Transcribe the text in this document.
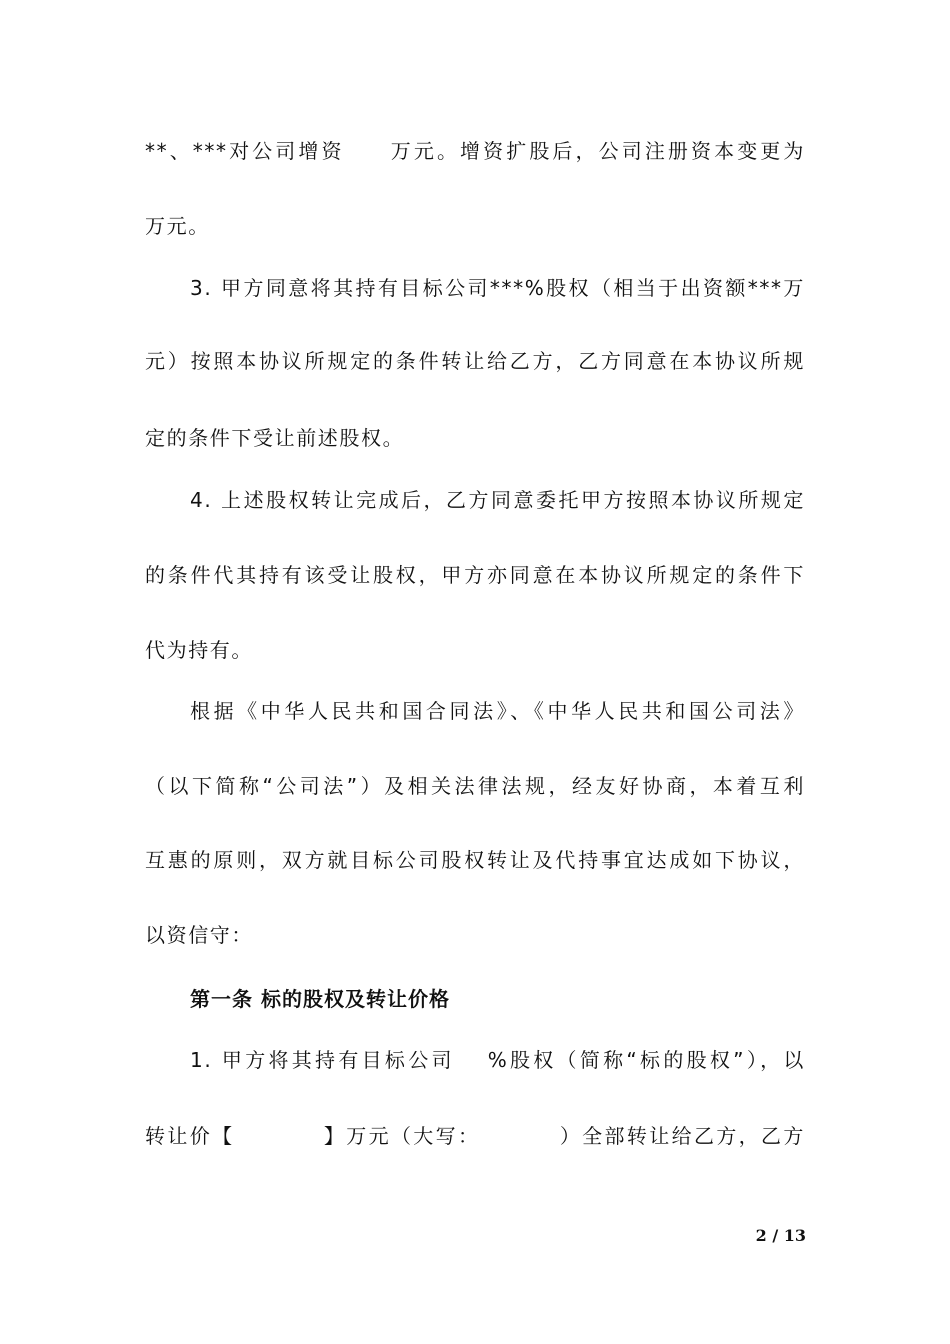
**、***对公司增资　　万元。增资扩股后，公司注册资本变更为
万元。
3. 甲方同意将其持有目标公司***%股权（相当于出资额***万
元）按照本协议所规定的条件转让给乙方，乙方同意在本协议所规
定的条件下受让前述股权。
4. 上述股权转让完成后，乙方同意委托甲方按照本协议所规定
的条件代其持有该受让股权，甲方亦同意在本协议所规定的条件下
代为持有。
根据《中华人民共和国合同法》、《中华人民共和国公司法》
（以下简称“公司法”）及相关法律法规，经友好协商，本着互利
互惠的原则，双方就目标公司股权转让及代持事宜达成如下协议，
以资信守：
第一条 标的股权及转让价格
1. 甲方将其持有目标公司　 %股权（简称“标的股权”），以
转让价【　　　　】万元（大写：　　　　）全部转让给乙方，乙方
2 / 13
